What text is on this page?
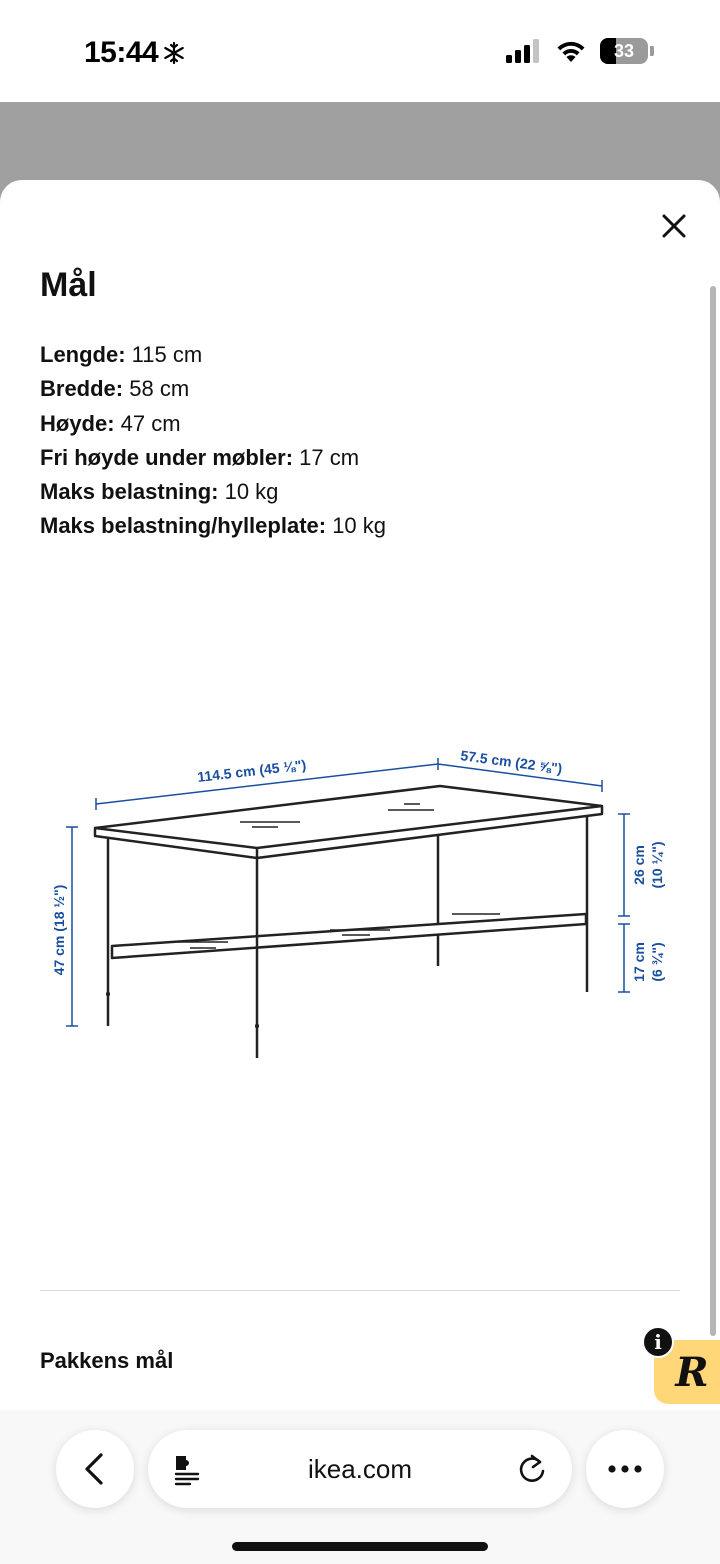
15:44	33
Mål
Lengde: 115 cm
Bredde: 58 cm
Høyde: 47 cm
Fri høyde under møbler: 17 cm
Maks belastning: 10 kg
Maks belastning/hylleplate: 10 kg
114.5 cm (45 ⅛")	57.5 cm (22 ⅝")
47 cm (18 ½")
26 cm (10 ¼")
17 cm (6 ¾")
Pakkens mål	R
i
ikea.com
